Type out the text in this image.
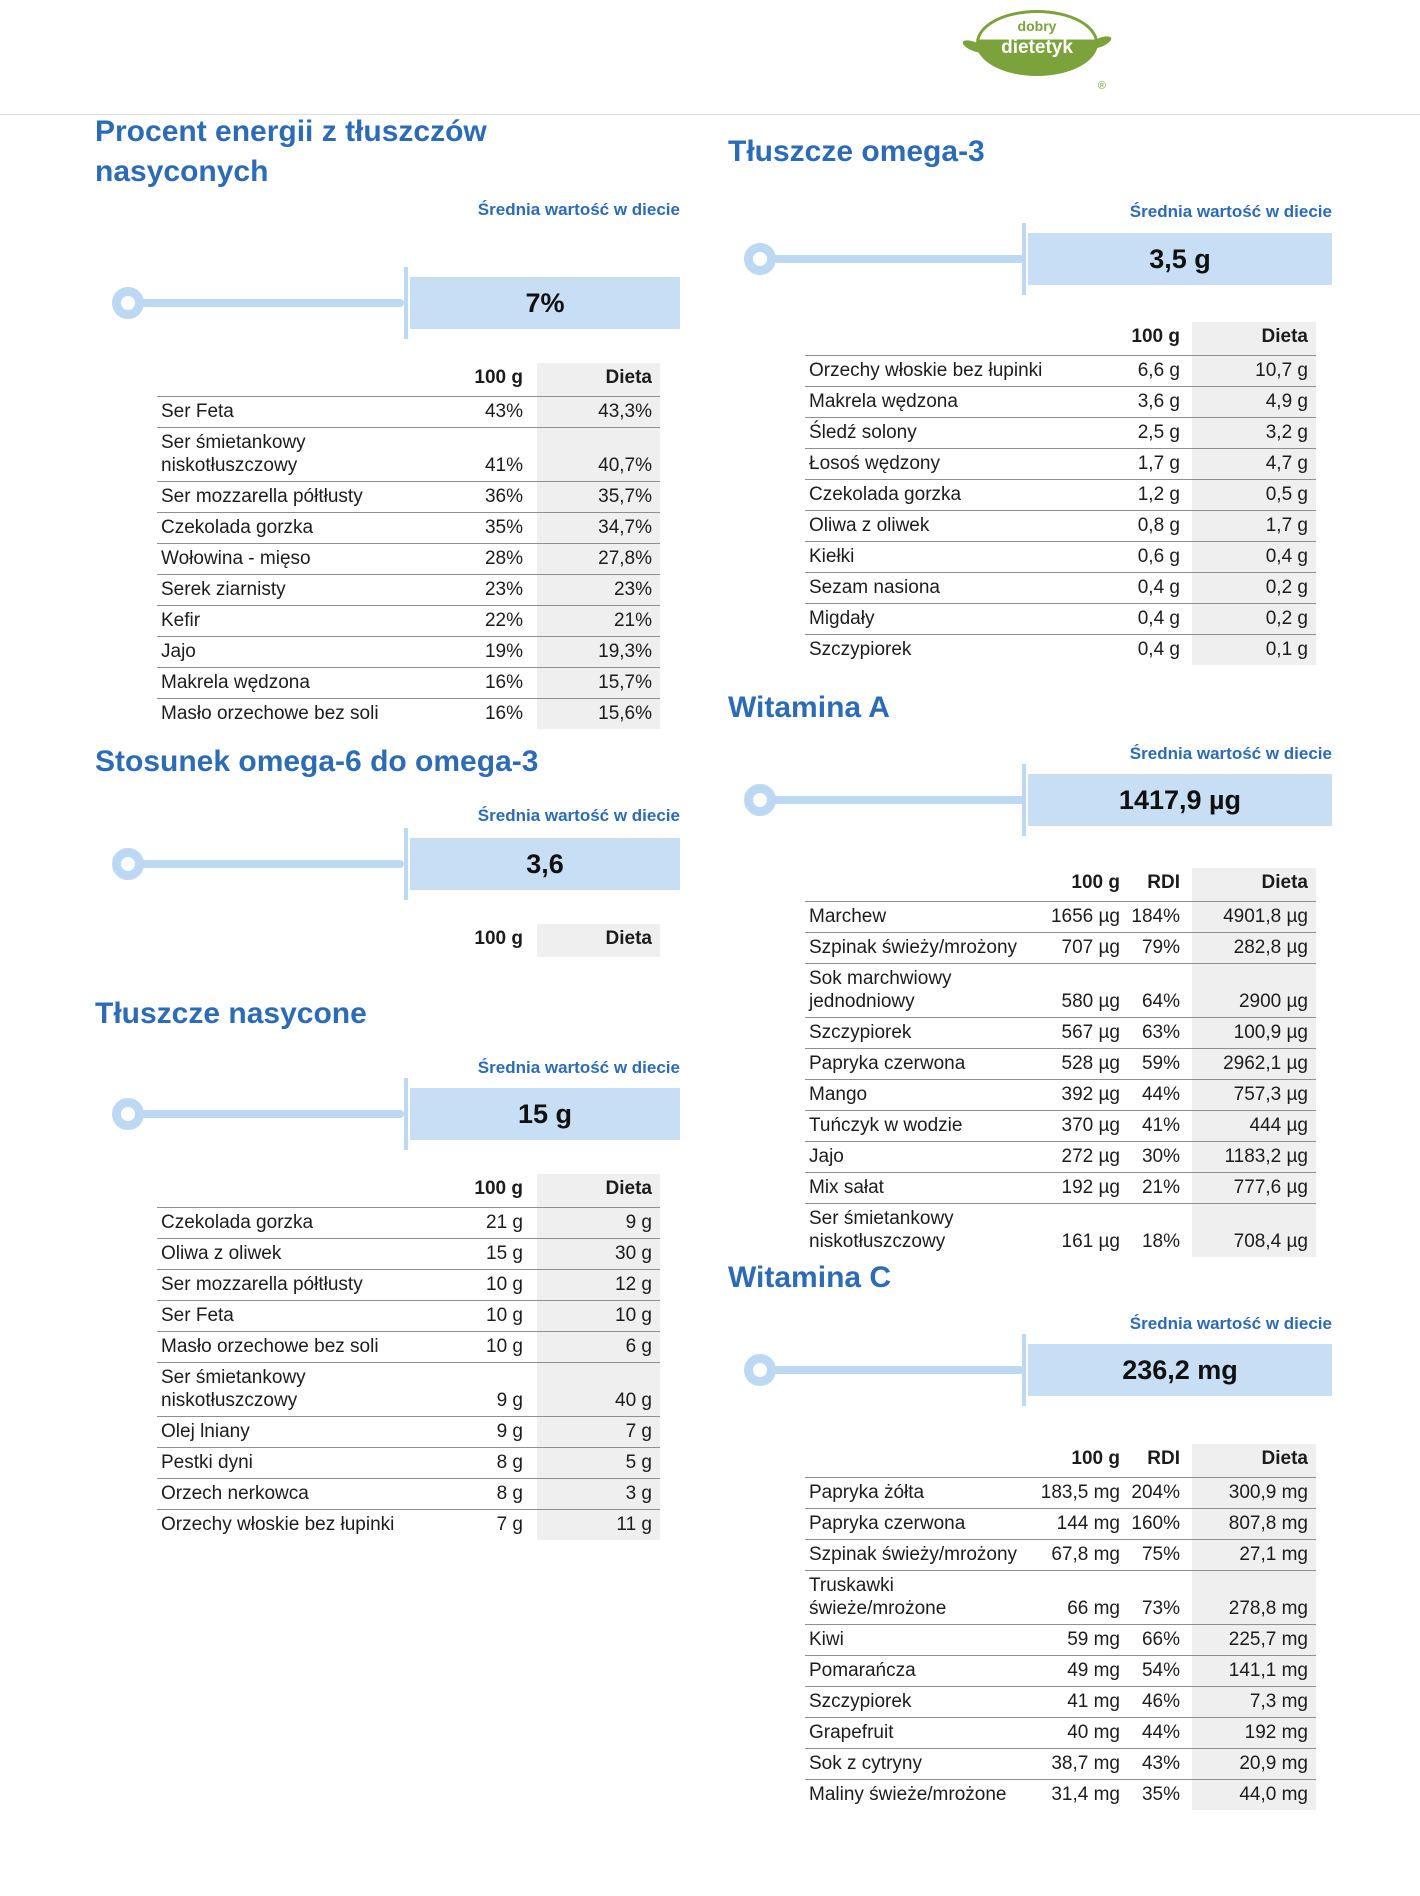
dobry
dietetyk
®
Procent energii z tłuszczów nasyconych
Średnia wartość w diecie
7%
	100 g		Dieta
Ser Feta	43%		43,3%
Ser śmietankowy niskotłuszczowy	41%		40,7%
Ser mozzarella półtłusty	36%		35,7%
Czekolada gorzka	35%		34,7%
Wołowina - mięso	28%		27,8%
Serek ziarnisty	23%		23%
Kefir	22%		21%
Jajo	19%		19,3%
Makrela wędzona	16%		15,7%
Masło orzechowe bez soli	16%		15,6%
Stosunek omega-6 do omega-3
Średnia wartość w diecie
3,6
	100 g		Dieta
Tłuszcze nasycone
Średnia wartość w diecie
15 g
	100 g		Dieta
Czekolada gorzka	21 g		9 g
Oliwa z oliwek	15 g		30 g
Ser mozzarella półtłusty	10 g		12 g
Ser Feta	10 g		10 g
Masło orzechowe bez soli	10 g		6 g
Ser śmietankowy niskotłuszczowy	9 g		40 g
Olej lniany	9 g		7 g
Pestki dyni	8 g		5 g
Orzech nerkowca	8 g		3 g
Orzechy włoskie bez łupinki	7 g		11 g
Tłuszcze omega-3
Średnia wartość w diecie
3,5 g
	100 g		Dieta
Orzechy włoskie bez łupinki	6,6 g		10,7 g
Makrela wędzona	3,6 g		4,9 g
Śledź solony	2,5 g		3,2 g
Łosoś wędzony	1,7 g		4,7 g
Czekolada gorzka	1,2 g		0,5 g
Oliwa z oliwek	0,8 g		1,7 g
Kiełki	0,6 g		0,4 g
Sezam nasiona	0,4 g		0,2 g
Migdały	0,4 g		0,2 g
Szczypiorek	0,4 g		0,1 g
Witamina A
Średnia wartość w diecie
1417,9 µg
	100 g	RDI		Dieta
Marchew	1656 µg	184%		4901,8 µg
Szpinak świeży/mrożony	707 µg	79%		282,8 µg
Sok marchwiowy jednodniowy	580 µg	64%		2900 µg
Szczypiorek	567 µg	63%		100,9 µg
Papryka czerwona	528 µg	59%		2962,1 µg
Mango	392 µg	44%		757,3 µg
Tuńczyk w wodzie	370 µg	41%		444 µg
Jajo	272 µg	30%		1183,2 µg
Mix sałat	192 µg	21%		777,6 µg
Ser śmietankowy niskotłuszczowy	161 µg	18%		708,4 µg
Witamina C
Średnia wartość w diecie
236,2 mg
	100 g	RDI		Dieta
Papryka żółta	183,5 mg	204%		300,9 mg
Papryka czerwona	144 mg	160%		807,8 mg
Szpinak świeży/mrożony	67,8 mg	75%		27,1 mg
Truskawki świeże/mrożone	66 mg	73%		278,8 mg
Kiwi	59 mg	66%		225,7 mg
Pomarańcza	49 mg	54%		141,1 mg
Szczypiorek	41 mg	46%		7,3 mg
Grapefruit	40 mg	44%		192 mg
Sok z cytryny	38,7 mg	43%		20,9 mg
Maliny świeże/mrożone	31,4 mg	35%		44,0 mg
